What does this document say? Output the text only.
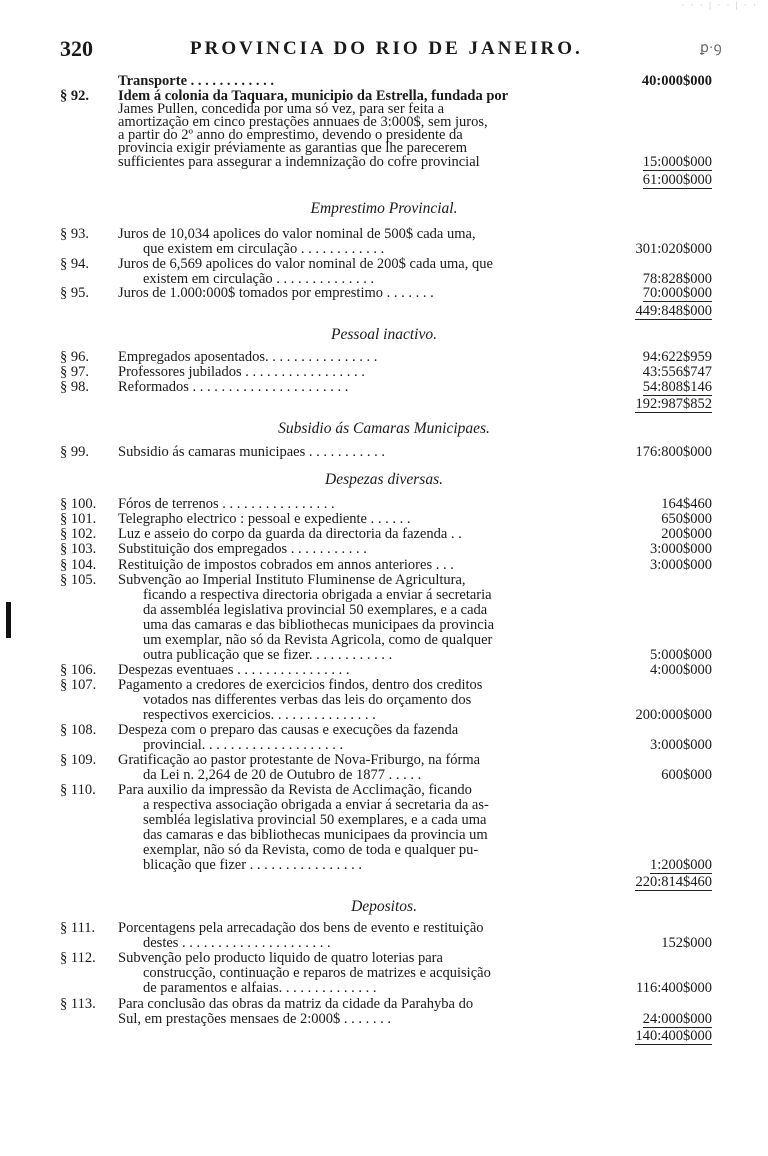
· · · | · · | · ·
320	PROVINCIA DO RIO DE JANEIRO.	ꝑ·ꝯ
Transporte . . . . . . . . . . . .	40:000$000
§ 92. Idem á colonia da Taquara, municipio da Estrella, fundada por
James Pullen, concedida por uma só vez, para ser feita a
amortização em cinco prestações annuaes de 3:000$, sem juros,
a partir do 2º anno do emprestimo, devendo o presidente da
provincia exigir préviamente as garantias que lhe parecerem
sufficientes para assegurar a indemnização do cofre provincial	15:000$000
61:000$000
Emprestimo Provincial.
§ 93. Juros de 10,034 apolices do valor nominal de 500$ cada uma,
que existem em circulação . . . . . . . . . . . .	301:020$000
§ 94. Juros de 6,569 apolices do valor nominal de 200$ cada uma, que
existem em circulação . . . . . . . . . . . . . .	78:828$000
§ 95. Juros de 1.000:000$ tomados por emprestimo . . . . . . .	70:000$000
449:848$000
Pessoal inactivo.
§ 96. Empregados aposentados. . . . . . . . . . . . . . . .	94:622$959
§ 97. Professores jubilados . . . . . . . . . . . . . . . . .	43:556$747
§ 98. Reformados . . . . . . . . . . . . . . . . . . . . . .	54:808$146
192:987$852
Subsidio ás Camaras Municipaes.
§ 99. Subsidio ás camaras municipaes . . . . . . . . . . .	176:800$000
Despezas diversas.
§ 100. Fóros de terrenos . . . . . . . . . . . . . . . .	164$460
§ 101. Telegrapho electrico : pessoal e expediente . . . . . .	650$000
§ 102. Luz e asseio do corpo da guarda da directoria da fazenda . .	200$000
§ 103. Substituição dos empregados . . . . . . . . . . .	3:000$000
§ 104. Restituição de impostos cobrados em annos anteriores . . .	3:000$000
§ 105. Subvenção ao Imperial Instituto Fluminense de Agricultura,
ficando a respectiva directoria obrigada a enviar á secretaria
da assembléa legislativa provincial 50 exemplares, e a cada
uma das camaras e das bibliothecas municipaes da provincia
um exemplar, não só da Revista Agricola, como de qualquer
outra publicação que se fizer. . . . . . . . . . . .	5:000$000
§ 106. Despezas eventuaes . . . . . . . . . . . . . . . .	4:000$000
§ 107. Pagamento a credores de exercicios findos, dentro dos creditos
votados nas differentes verbas das leis do orçamento dos
respectivos exercicios. . . . . . . . . . . . . . .	200:000$000
§ 108. Despeza com o preparo das causas e execuções da fazenda
provincial. . . . . . . . . . . . . . . . . . . .	3:000$000
§ 109. Gratificação ao pastor protestante de Nova-Friburgo, na fórma
da Lei n. 2,264 de 20 de Outubro de 1877 . . . . .	600$000
§ 110. Para auxilio da impressão da Revista de Acclimação, ficando
a respectiva associação obrigada a enviar á secretaria da as-
sembléa legislativa provincial 50 exemplares, e a cada uma
das camaras e das bibliothecas municipaes da provincia um
exemplar, não só da Revista, como de toda e qualquer pu-
blicação que fizer . . . . . . . . . . . . . . . .	1:200$000
220:814$460
Depositos.
§ 111. Porcentagens pela arrecadação dos bens de evento e restituição
destes . . . . . . . . . . . . . . . . . . . . .	152$000
§ 112. Subvenção pelo producto liquido de quatro loterias para
construcção, continuação e reparos de matrizes e acquisição
de paramentos e alfaias. . . . . . . . . . . . . .	116:400$000
§ 113. Para conclusão das obras da matriz da cidade da Parahyba do
Sul, em prestações mensaes de 2:000$ . . . . . . .	24:000$000
140:400$000
